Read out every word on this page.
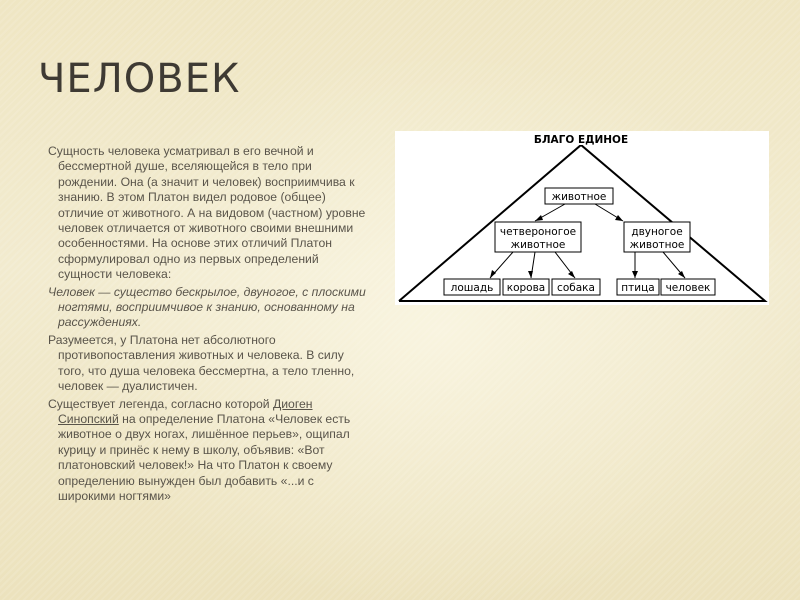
ЧЕЛОВЕК

Сущность человека усматривал в его вечной и бессмертной душе, вселяющейся в тело при рождении. Она (а значит и человек) восприимчива к знанию. В этом Платон видел родовое (общее) отличие от животного. А на видовом (частном) уровне человек отличается от животного своими внешними особенностями. На основе этих отличий Платон сформулировал одно из первых определений сущности человека:

Человек — существо бескрылое, двуногое, с плоскими ногтями, восприимчивое к знанию, основанному на рассуждениях.

Разумеется, у Платона нет абсолютного противопоставления животных и человека. В силу того, что душа человека бессмертна, а тело тленно, человек — дуалистичен.

Существует легенда, согласно которой Диоген Синопский на определение Платона «Человек есть животное о двух ногах, лишённое перьев», ощипал курицу и принёс к нему в школу, объявив: «Вот платоновский человек!» На что Платон к своему определению вынужден был добавить «...и с широкими ногтями»

БЛАГО ЕДИНОЕ
животное
четвероногое
животное
двуногое
животное
лошадь корова собака	птица человек
